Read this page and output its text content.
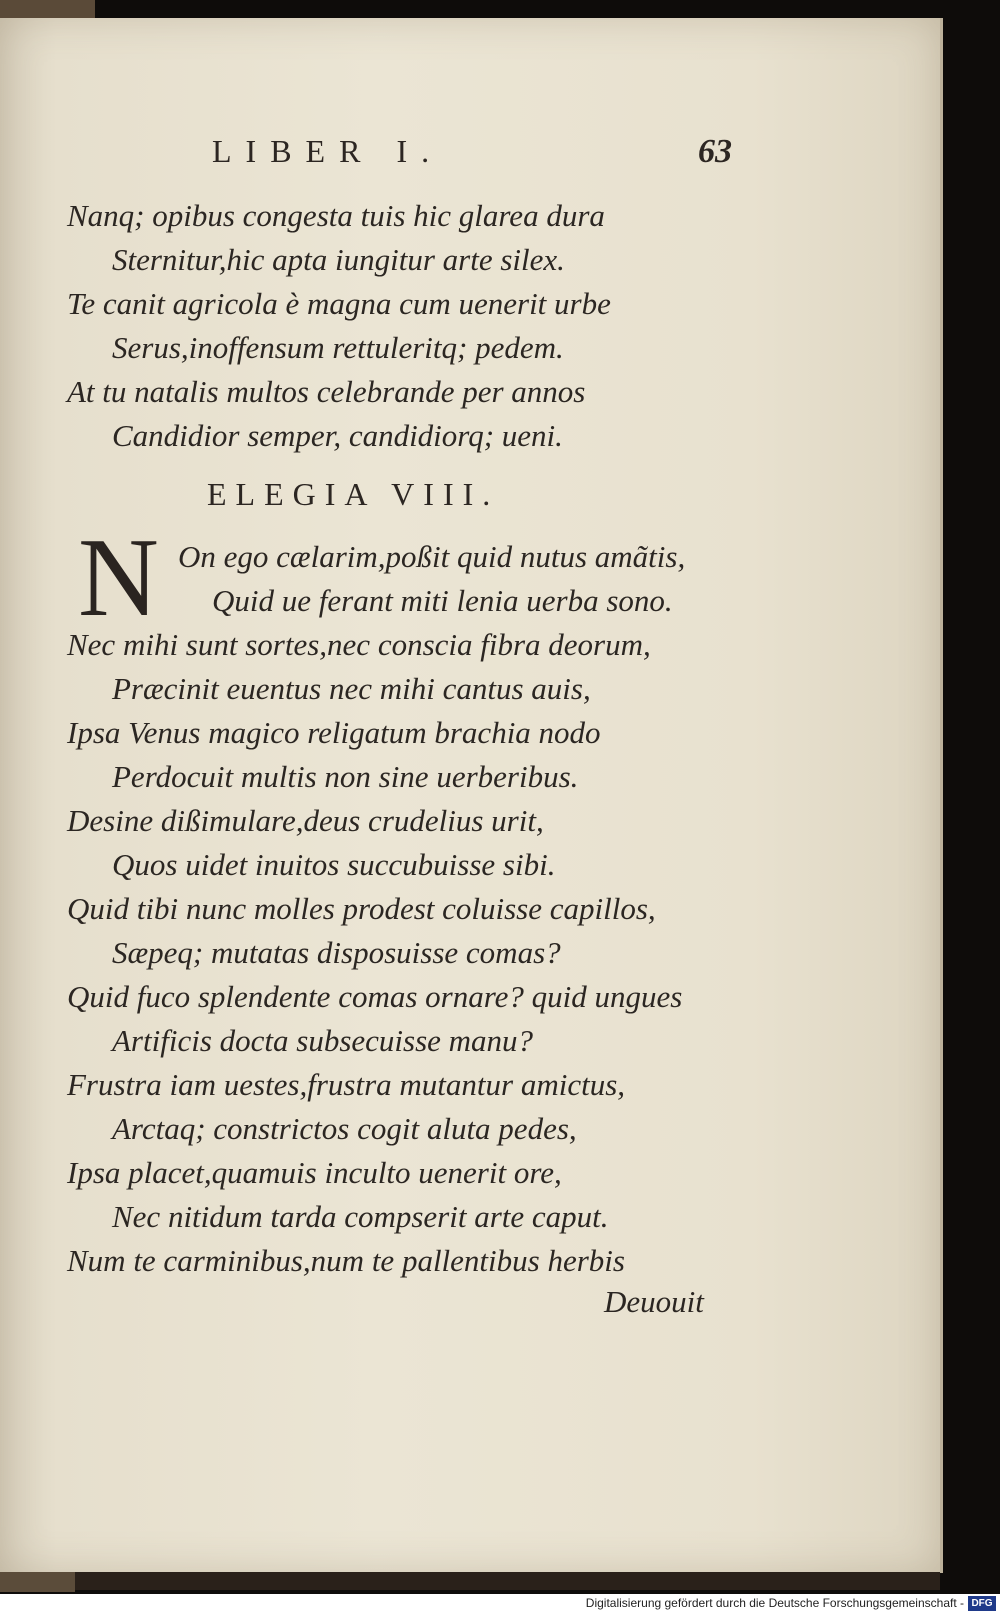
LIBER I.	63
Nanq; opibus congesta tuis hic glarea dura
Sternitur,hic apta iungitur arte silex.
Te canit agricola è magna cum uenerit urbe
Serus,inoffensum rettuleritq; pedem.
At tu natalis multos celebrande per annos
Candidior semper, candidiorq; ueni.
ELEGIA VIII.
N On ego cælarim,poßit quid nutus amãtis,
Quid ue ferant miti lenia uerba sono.
Nec mihi sunt sortes,nec conscia fibra deorum,
Præcinit euentus nec mihi cantus auis,
Ipsa Venus magico religatum brachia nodo
Perdocuit multis non sine uerberibus.
Desine dißimulare,deus crudelius urit,
Quos uidet inuitos succubuisse sibi.
Quid tibi nunc molles prodest coluisse capillos,
Sæpeq; mutatas disposuisse comas?
Quid fuco splendente comas ornare? quid ungues
Artificis docta subsecuisse manu?
Frustra iam uestes,frustra mutantur amictus,
Arctaq; constrictos cogit aluta pedes,
Ipsa placet,quamuis inculto uenerit ore,
Nec nitidum tarda compserit arte caput.
Num te carminibus,num te pallentibus herbis
Deuouit
Digitalisierung gefördert durch die Deutsche Forschungsgemeinschaft - DFG
